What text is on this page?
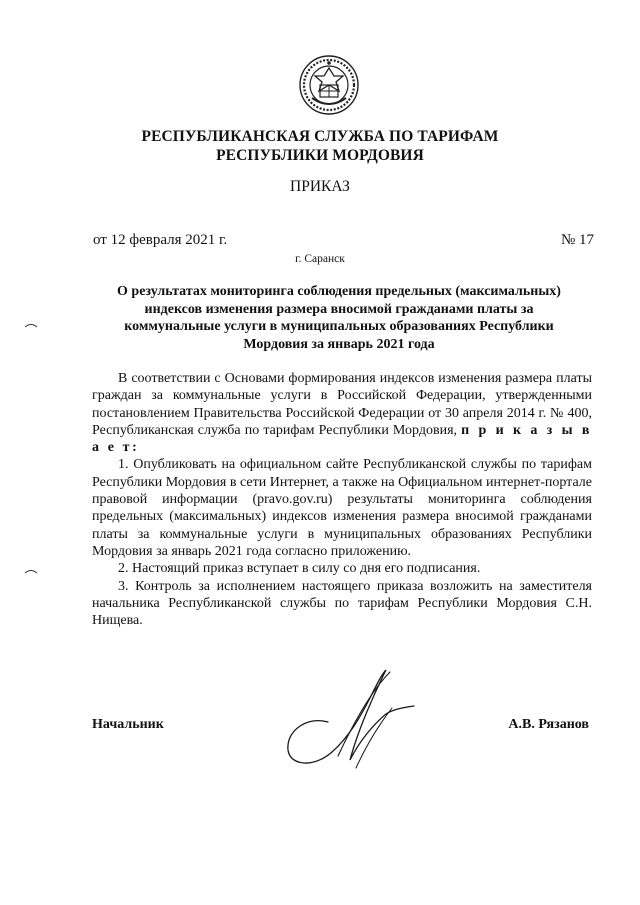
РЕСПУБЛИКАНСКАЯ СЛУЖБА ПО ТАРИФАМ
РЕСПУБЛИКИ МОРДОВИЯ
ПРИКАЗ
от 12 февраля 2021 г.	№ 17
г. Саранск
О результатах мониторинга соблюдения предельных (максимальных)
индексов изменения размера вносимой гражданами платы за
коммунальные услуги в муниципальных образованиях Республики
Мордовия за январь 2021 года

В соответствии с Основами формирования индексов изменения размера платы граждан за коммунальные услуги в Российской Федерации, утвержденными постановлением Правительства Российской Федерации от 30 апреля 2014 г. № 400, Республиканская служба по тарифам Республики Мордовия, п р и к а з ы в а е т:

1. Опубликовать на официальном сайте Республиканской службы по тарифам Республики Мордовия в сети Интернет, а также на Официальном интернет-портале правовой информации (pravo.gov.ru) результаты мониторинга соблюдения предельных (максимальных) индексов изменения размера вносимой гражданами платы за коммунальные услуги в муниципальных образованиях Республики Мордовия за январь 2021 года согласно приложению.

2. Настоящий приказ вступает в силу со дня его подписания.

3. Контроль за исполнением настоящего приказа возложить на заместителя начальника Республиканской службы по тарифам Республики Мордовия С.Н. Нищева.

Начальник	А.В. Рязанов
